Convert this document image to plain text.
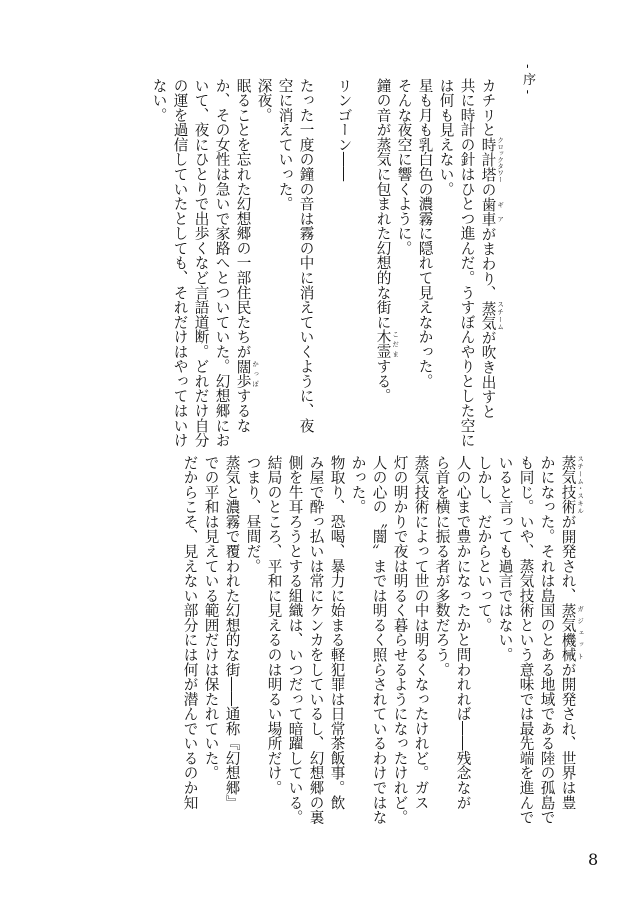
- 序 -
カチリと時計塔 クロックタワーの歯車 ギアがまわり、蒸気 スチームが吹き出すと
共に時計の針はひとつ進んだ。うすぼんやりとした空に
は何も見えない。
星も月も乳白色の濃霧に隠れて見えなかった。
そんな夜空に響くように。
鐘の音が蒸気に包まれた幻想的な街に木霊 こだまする。
リンゴーン――
たった一度の鐘の音は霧の中に消えていくように、夜
空に消えていった。
深夜。
眠ることを忘れた幻想郷の一部住民たちが闊歩 かっぽするな
か、その女性は急いで家路へとついていた。幻想郷にお
いて、夜にひとりで出歩くなど言語道断。どれだけ自分
の運を過信していたとしても、それだけはやってはいけ
ない。
蒸気技術 スチーム・スキルが開発され、蒸気機械 ガジェットが開発され、世界は豊
かになった。それは島国のとある地域である陸の孤島で
も同じ。いや、蒸気技術という意味では最先端を進んで
いると言っても過言ではない。
しかし、だからといって。
人の心まで豊かになったかと問われれば――残念なが
ら首を横に振る者が多数だろう。
蒸気技術によって世の中は明るくなったけれど。ガス
灯の明かりで夜は明るく暮らせるようになったけれど。
人の心の〝闇〟までは明るく照らされているわけではな
かった。
物取り、恐喝、暴力に始まる軽犯罪は日常茶飯事。飲
み屋で酔っ払いは常にケンカをしているし、幻想郷の裏
側を牛耳ろうとする組織は、いつだって暗躍している。
結局のところ、平和に見えるのは明るい場所だけ。
つまり、昼間だ。
蒸気と濃霧で覆われた幻想的な街――通称『幻想郷』
での平和は見えている範囲だけは保たれていた。
だからこそ、見えない部分には何が潜んでいるのか知
8
